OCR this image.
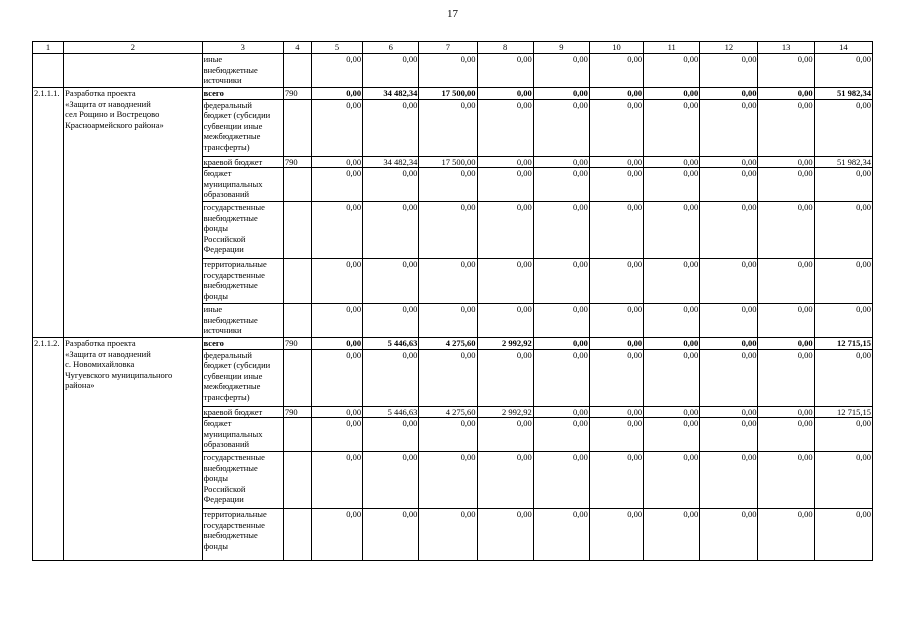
17
1	2	3	4	5	6	7	8	9	10	11	12	13	14

		иные
внебюджетные
источники		0,00	0,00	0,00	0,00	0,00	0,00	0,00	0,00	0,00	0,00
2.1.1.1.	Разработка проекта
«Защита от наводнений
сел Рощино и Вострецово
Красноармейского района»	всего	790	0,00	34 482,34	17 500,00	0,00	0,00	0,00	0,00	0,00	0,00	51 982,34

		федеральный
бюджет (субсидии
субвенции иные
межбюджетные
трансферты)		0,00	0,00	0,00	0,00	0,00	0,00	0,00	0,00	0,00	0,00

		краевой бюджет	790	0,00	34 482,34	17 500,00	0,00	0,00	0,00	0,00	0,00	0,00	51 982,34

		бюджет
муниципальных
образований		0,00	0,00	0,00	0,00	0,00	0,00	0,00	0,00	0,00	0,00

		государственные
внебюджетные
фонды
Российской
Федерации		0,00	0,00	0,00	0,00	0,00	0,00	0,00	0,00	0,00	0,00

		территориальные
государственные
внебюджетные
фонды		0,00	0,00	0,00	0,00	0,00	0,00	0,00	0,00	0,00	0,00

		иные
внебюджетные
источники		0,00	0,00	0,00	0,00	0,00	0,00	0,00	0,00	0,00	0,00
2.1.1.2.	Разработка проекта
«Защита от наводнений
с. Новомихайловка
Чугуевского муниципального
района»	всего	790	0,00	5 446,63	4 275,60	2 992,92	0,00	0,00	0,00	0,00	0,00	12 715,15

		федеральный
бюджет (субсидии
субвенции иные
межбюджетные
трансферты)		0,00	0,00	0,00	0,00	0,00	0,00	0,00	0,00	0,00	0,00

		краевой бюджет	790	0,00	5 446,63	4 275,60	2 992,92	0,00	0,00	0,00	0,00	0,00	12 715,15

		бюджет
муниципальных
образований		0,00	0,00	0,00	0,00	0,00	0,00	0,00	0,00	0,00	0,00

		государственные
внебюджетные
фонды
Российской
Федерации		0,00	0,00	0,00	0,00	0,00	0,00	0,00	0,00	0,00	0,00

		территориальные
государственные
внебюджетные
фонды		0,00	0,00	0,00	0,00	0,00	0,00	0,00	0,00	0,00	0,00
